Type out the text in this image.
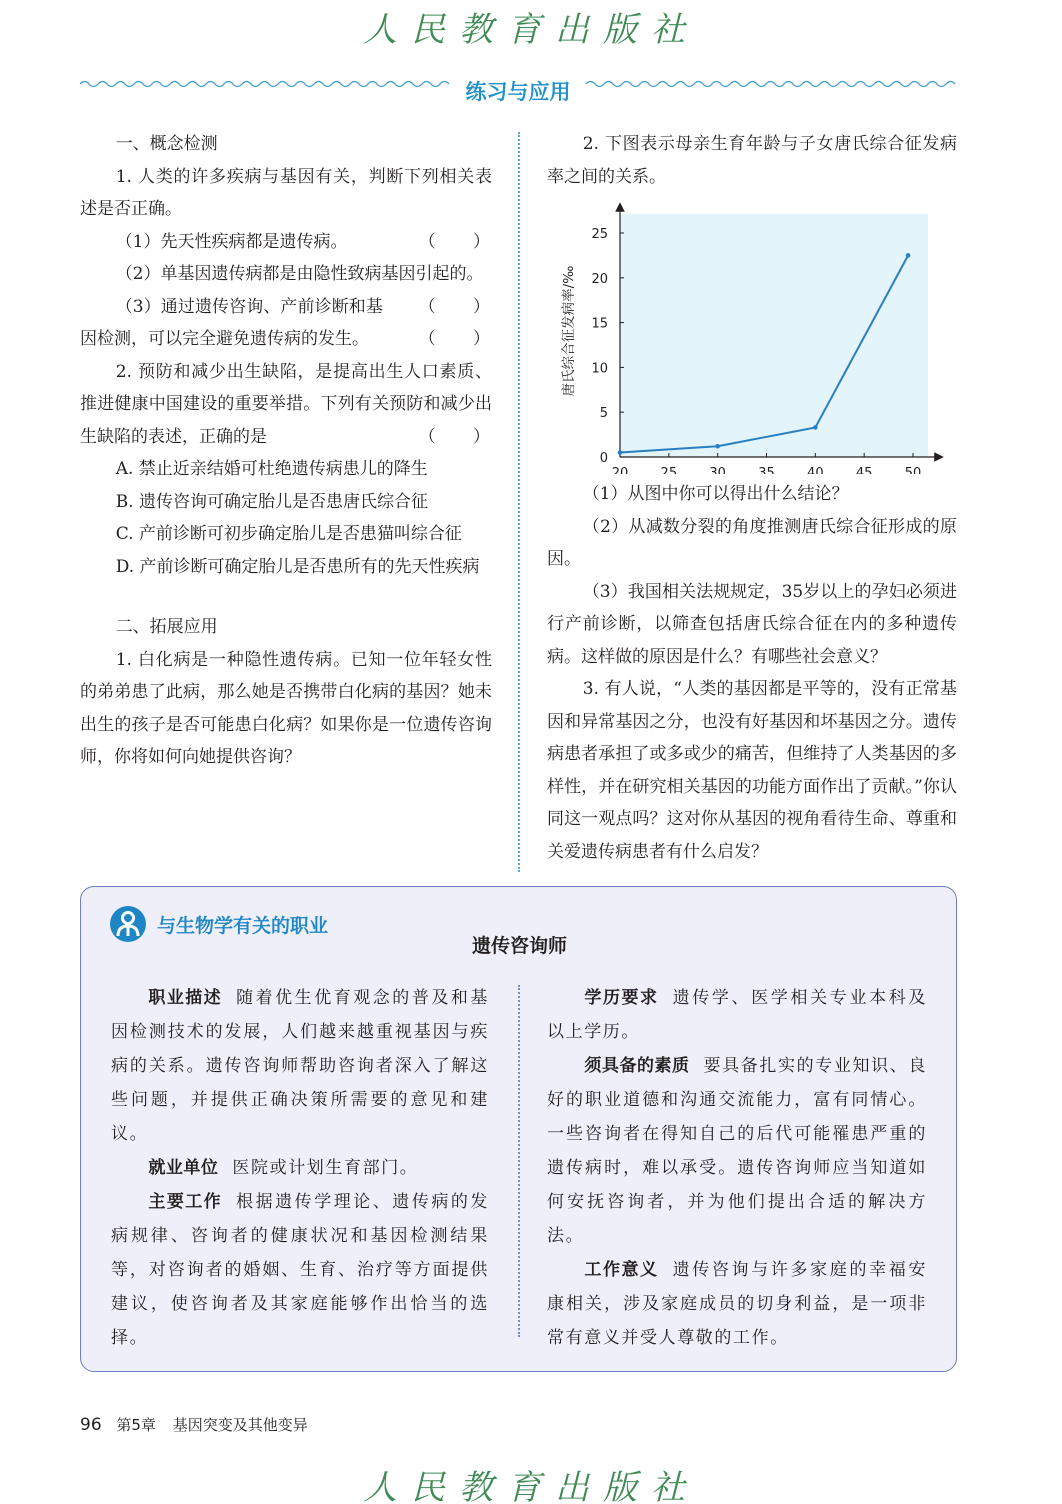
人民教育出版社
练习与应用

一、概念检测

1. 人类的许多疾病与基因有关，判断下列相关表述是否正确。

（ ）
（1）先天性疾病都是遗传病。

（2）单基因遗传病都是由隐性致病基因引起的。
（ ）

（3）通过遗传咨询、产前诊断和基因检测，可以完全避免遗传病的发生。	（ ）

2. 预防和减少出生缺陷，是提高出生人口素质、推进健康中国建设的重要举措。下列有关预防和减少出生缺陷的表述，正确的是	（ ）

A. 禁止近亲结婚可杜绝遗传病患儿的降生

B. 遗传咨询可确定胎儿是否患唐氏综合征

C. 产前诊断可初步确定胎儿是否患猫叫综合征

D. 产前诊断可确定胎儿是否患所有的先天性疾病

二、拓展应用

1. 白化病是一种隐性遗传病。已知一位年轻女性的弟弟患了此病，那么她是否携带白化病的基因？她未出生的孩子是否可能患白化病？如果你是一位遗传咨询师，你将如何向她提供咨询？

2. 下图表示母亲生育年龄与子女唐氏综合征发病率之间的关系。

20 25 30 35 40 45 50
0
5
10
15
20
25
唐氏综合征发病率/‰

（1）从图中你可以得出什么结论？

（2）从减数分裂的角度推测唐氏综合征形成的原因。

（3）我国相关法规规定，35岁以上的孕妇必须进行产前诊断，以筛查包括唐氏综合征在内的多种遗传病。这样做的原因是什么？有哪些社会意义？

3. 有人说，“人类的基因都是平等的，没有正常基因和异常基因之分，也没有好基因和坏基因之分。遗传病患者承担了或多或少的痛苦，但维持了人类基因的多样性，并在研究相关基因的功能方面作出了贡献。”你认同这一观点吗？这对你从基因的视角看待生命、尊重和关爱遗传病患者有什么启发？

与生物学有关的职业
遗传咨询师

职业描述 随着优生优育观念的普及和基因检测技术的发展，人们越来越重视基因与疾病的关系。遗传咨询师帮助咨询者深入了解这些问题，并提供正确决策所需要的意见和建议。

就业单位 医院或计划生育部门。

主要工作 根据遗传学理论、遗传病的发病规律、咨询者的健康状况和基因检测结果等，对咨询者的婚姻、生育、治疗等方面提供建议，使咨询者及其家庭能够作出恰当的选择。

学历要求 遗传学、医学相关专业本科及以上学历。

须具备的素质 要具备扎实的专业知识、良好的职业道德和沟通交流能力，富有同情心。一些咨询者在得知自己的后代可能罹患严重的遗传病时，难以承受。遗传咨询师应当知道如何安抚咨询者，并为他们提出合适的解决方法。

工作意义 遗传咨询与许多家庭的幸福安康相关，涉及家庭成员的切身利益，是一项非常有意义并受人尊敬的工作。

96 第5章 基因突变及其他变异
人民教育出版社
